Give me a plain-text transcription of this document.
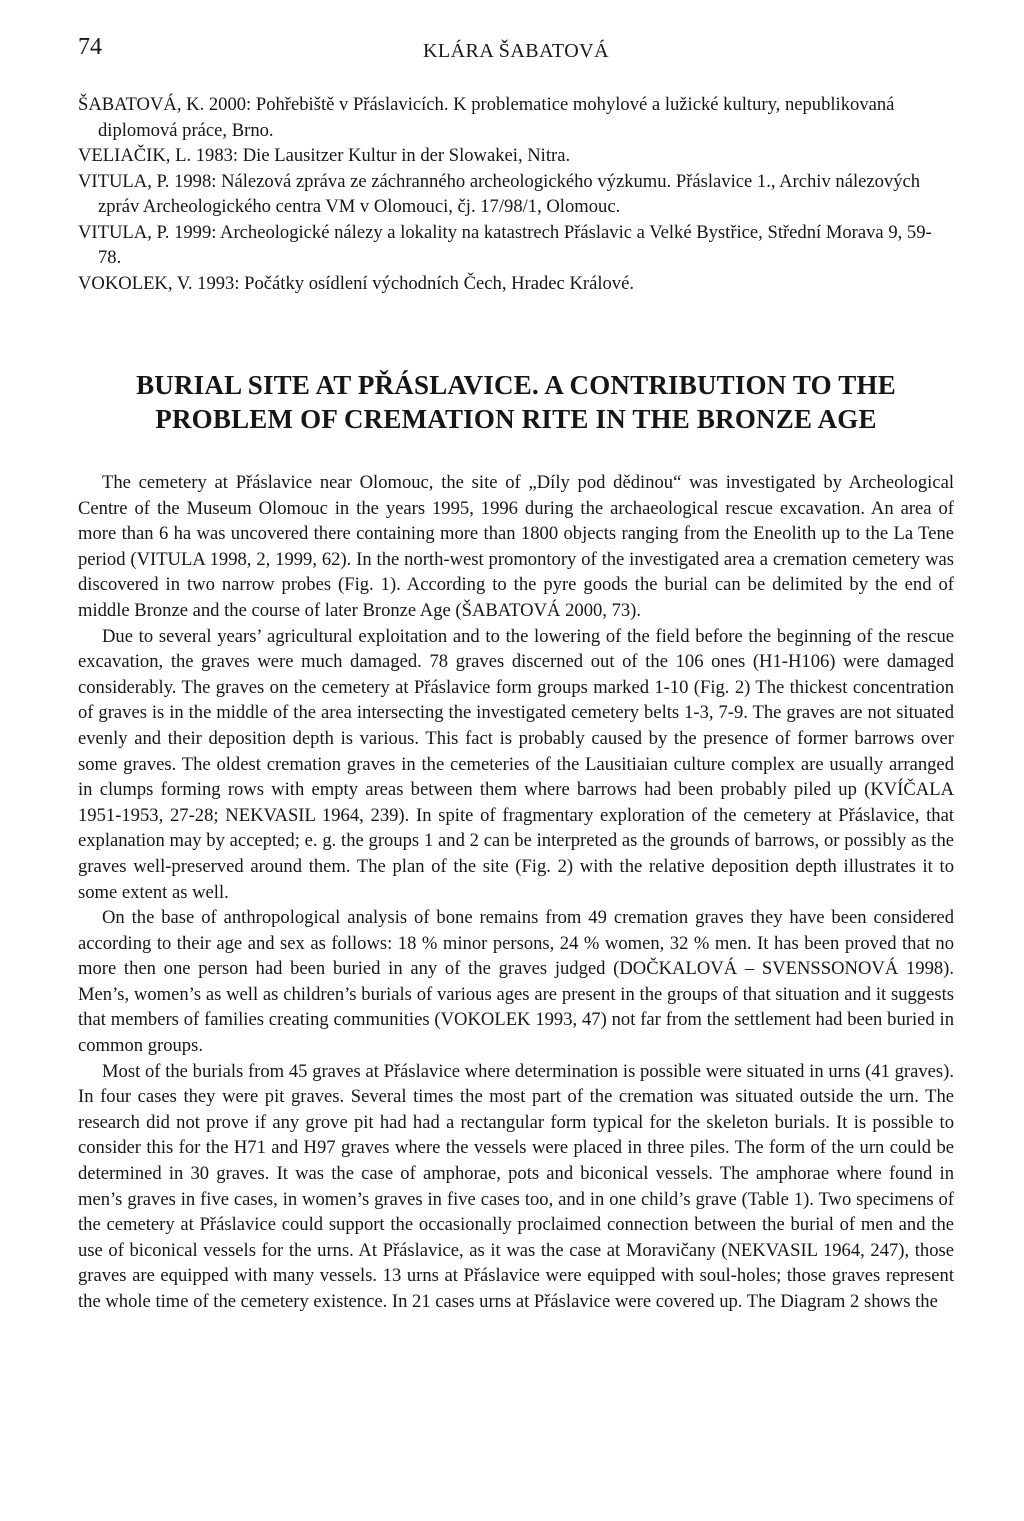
74	KLÁRA ŠABATOVÁ
ŠABATOVÁ, K. 2000: Pohřebiště v Přáslavicích. K problematice mohylové a lužické kultury, nepublikovaná diplomová práce, Brno.
VELIAČIK, L. 1983: Die Lausitzer Kultur in der Slowakei, Nitra.
VITULA, P. 1998: Nálezová zpráva ze záchranného archeologického výzkumu. Přáslavice 1., Archiv nálezových zpráv Archeologického centra VM v Olomouci, čj. 17/98/1, Olomouc.
VITULA, P. 1999: Archeologické nálezy a lokality na katastrech Přáslavic a Velké Bystřice, Střední Morava 9, 59-78.
VOKOLEK, V. 1993: Počátky osídlení východních Čech, Hradec Králové.
BURIAL SITE AT PŘÁSLAVICE. A CONTRIBUTION TO THE
PROBLEM OF CREMATION RITE IN THE BRONZE AGE

The cemetery at Přáslavice near Olomouc, the site of „Díly pod dědinou“ was investigated by Archeological Centre of the Museum Olomouc in the years 1995, 1996 during the archaeological rescue excavation. An area of more than 6 ha was uncovered there containing more than 1800 objects ranging from the Eneolith up to the La Tene period (VITULA 1998, 2, 1999, 62). In the north-west promontory of the investigated area a cremation cemetery was discovered in two narrow probes (Fig. 1). According to the pyre goods the burial can be delimited by the end of middle Bronze and the course of later Bronze Age (ŠABATOVÁ 2000, 73).

Due to several years’ agricultural exploitation and to the lowering of the field before the beginning of the rescue excavation, the graves were much damaged. 78 graves discerned out of the 106 ones (H1-H106) were damaged considerably. The graves on the cemetery at Přáslavice form groups marked 1-10 (Fig. 2) The thickest concentration of graves is in the middle of the area intersecting the investigated cemetery belts 1-3, 7-9. The graves are not situated evenly and their deposition depth is various. This fact is probably caused by the presence of former barrows over some graves. The oldest cremation graves in the cemeteries of the Lausitiaian culture complex are usually arranged in clumps forming rows with empty areas between them where barrows had been probably piled up (KVÍČALA 1951-1953, 27-28; NEKVASIL 1964, 239). In spite of fragmentary exploration of the cemetery at Přáslavice, that explanation may by accepted; e. g. the groups 1 and 2 can be interpreted as the grounds of barrows, or possibly as the graves well-preserved around them. The plan of the site (Fig. 2) with the relative deposition depth illustrates it to some extent as well.

On the base of anthropological analysis of bone remains from 49 cremation graves they have been considered according to their age and sex as follows: 18 % minor persons, 24 % women, 32 % men. It has been proved that no more then one person had been buried in any of the graves judged (DOČKALOVÁ – SVENSSONOVÁ 1998). Men’s, women’s as well as children’s burials of various ages are present in the groups of that situation and it suggests that members of families creating communities (VOKOLEK 1993, 47) not far from the settlement had been buried in common groups.

Most of the burials from 45 graves at Přáslavice where determination is possible were situated in urns (41 graves). In four cases they were pit graves. Several times the most part of the cremation was situated outside the urn. The research did not prove if any grove pit had had a rectangular form typical for the skeleton burials. It is possible to consider this for the H71 and H97 graves where the vessels were placed in three piles. The form of the urn could be determined in 30 graves. It was the case of amphorae, pots and biconical vessels. The amphorae where found in men’s graves in five cases, in women’s graves in five cases too, and in one child’s grave (Table 1). Two specimens of the cemetery at Přáslavice could support the occasionally proclaimed connection between the burial of men and the use of biconical vessels for the urns. At Přáslavice, as it was the case at Moravičany (NEKVASIL 1964, 247), those graves are equipped with many vessels. 13 urns at Přáslavice were equipped with soul-holes; those graves represent the whole time of the cemetery existence. In 21 cases urns at Přáslavice were covered up. The Diagram 2 shows the
